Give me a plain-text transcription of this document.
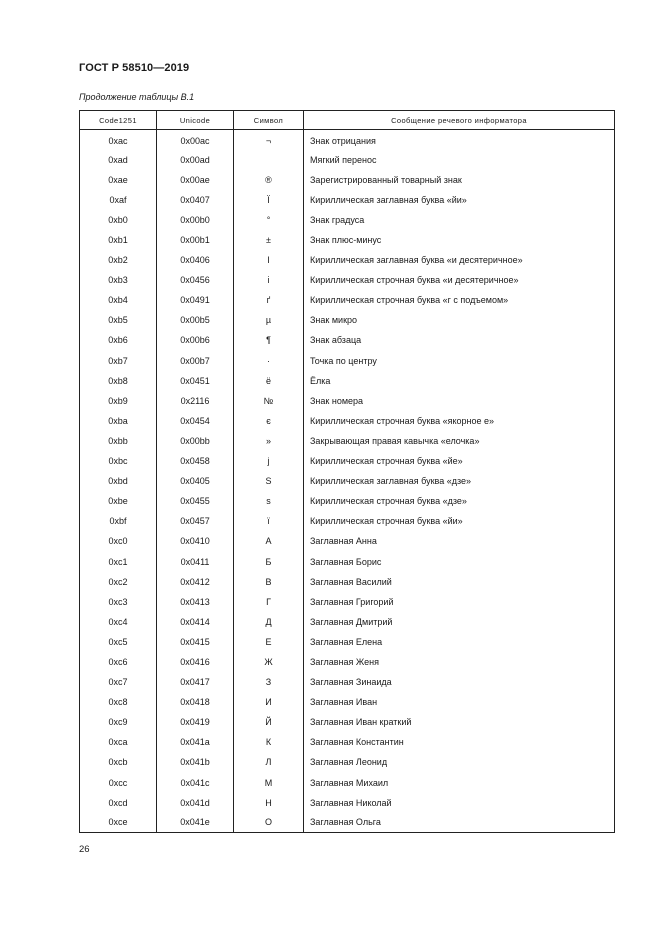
ГОСТ Р 58510—2019
Продолжение таблицы В.1
Code1251	Unicode	Символ	Сообщение речевого информатора
0xac	0x00ac	¬	Знак отрицания
0xad	0x00ad		Мягкий перенос
0xae	0x00ae	®	Зарегистрированный товарный знак
0xaf	0x0407	Ї	Кириллическая заглавная буква «йи»
0xb0	0x00b0	°	Знак градуса
0xb1	0x00b1	±	Знак плюс-минус
0xb2	0x0406	І	Кириллическая заглавная буква «и десятеричное»
0xb3	0x0456	і	Кириллическая строчная буква «и десятеричное»
0xb4	0x0491	ґ	Кириллическая строчная буква «г с подъемом»
0xb5	0x00b5	µ	Знак микро
0xb6	0x00b6	¶	Знак абзаца
0xb7	0x00b7	·	Точка по центру
0xb8	0x0451	ё	Ёлка
0xb9	0x2116	№	Знак номера
0xba	0x0454	є	Кириллическая строчная буква «якорное е»
0xbb	0x00bb	»	Закрывающая правая кавычка «елочка»
0xbc	0x0458	j	Кириллическая строчная буква «йе»
0xbd	0x0405	S	Кириллическая заглавная буква «дзе»
0xbe	0x0455	s	Кириллическая строчная буква «дзе»
0xbf	0x0457	ї	Кириллическая строчная буква «йи»
0xc0	0x0410	А	Заглавная Анна
0xc1	0x0411	Б	Заглавная Борис
0xc2	0x0412	В	Заглавная Василий
0xc3	0x0413	Г	Заглавная Григорий
0xc4	0x0414	Д	Заглавная Дмитрий
0xc5	0x0415	Е	Заглавная Елена
0xc6	0x0416	Ж	Заглавная Женя
0xc7	0x0417	З	Заглавная Зинаида
0xc8	0x0418	И	Заглавная Иван
0xc9	0x0419	Й	Заглавная Иван краткий
0xca	0x041a	К	Заглавная Константин
0xcb	0x041b	Л	Заглавная Леонид
0xcc	0x041c	М	Заглавная Михаил
0xcd	0x041d	Н	Заглавная Николай
0xce	0x041e	О	Заглавная Ольга
26
